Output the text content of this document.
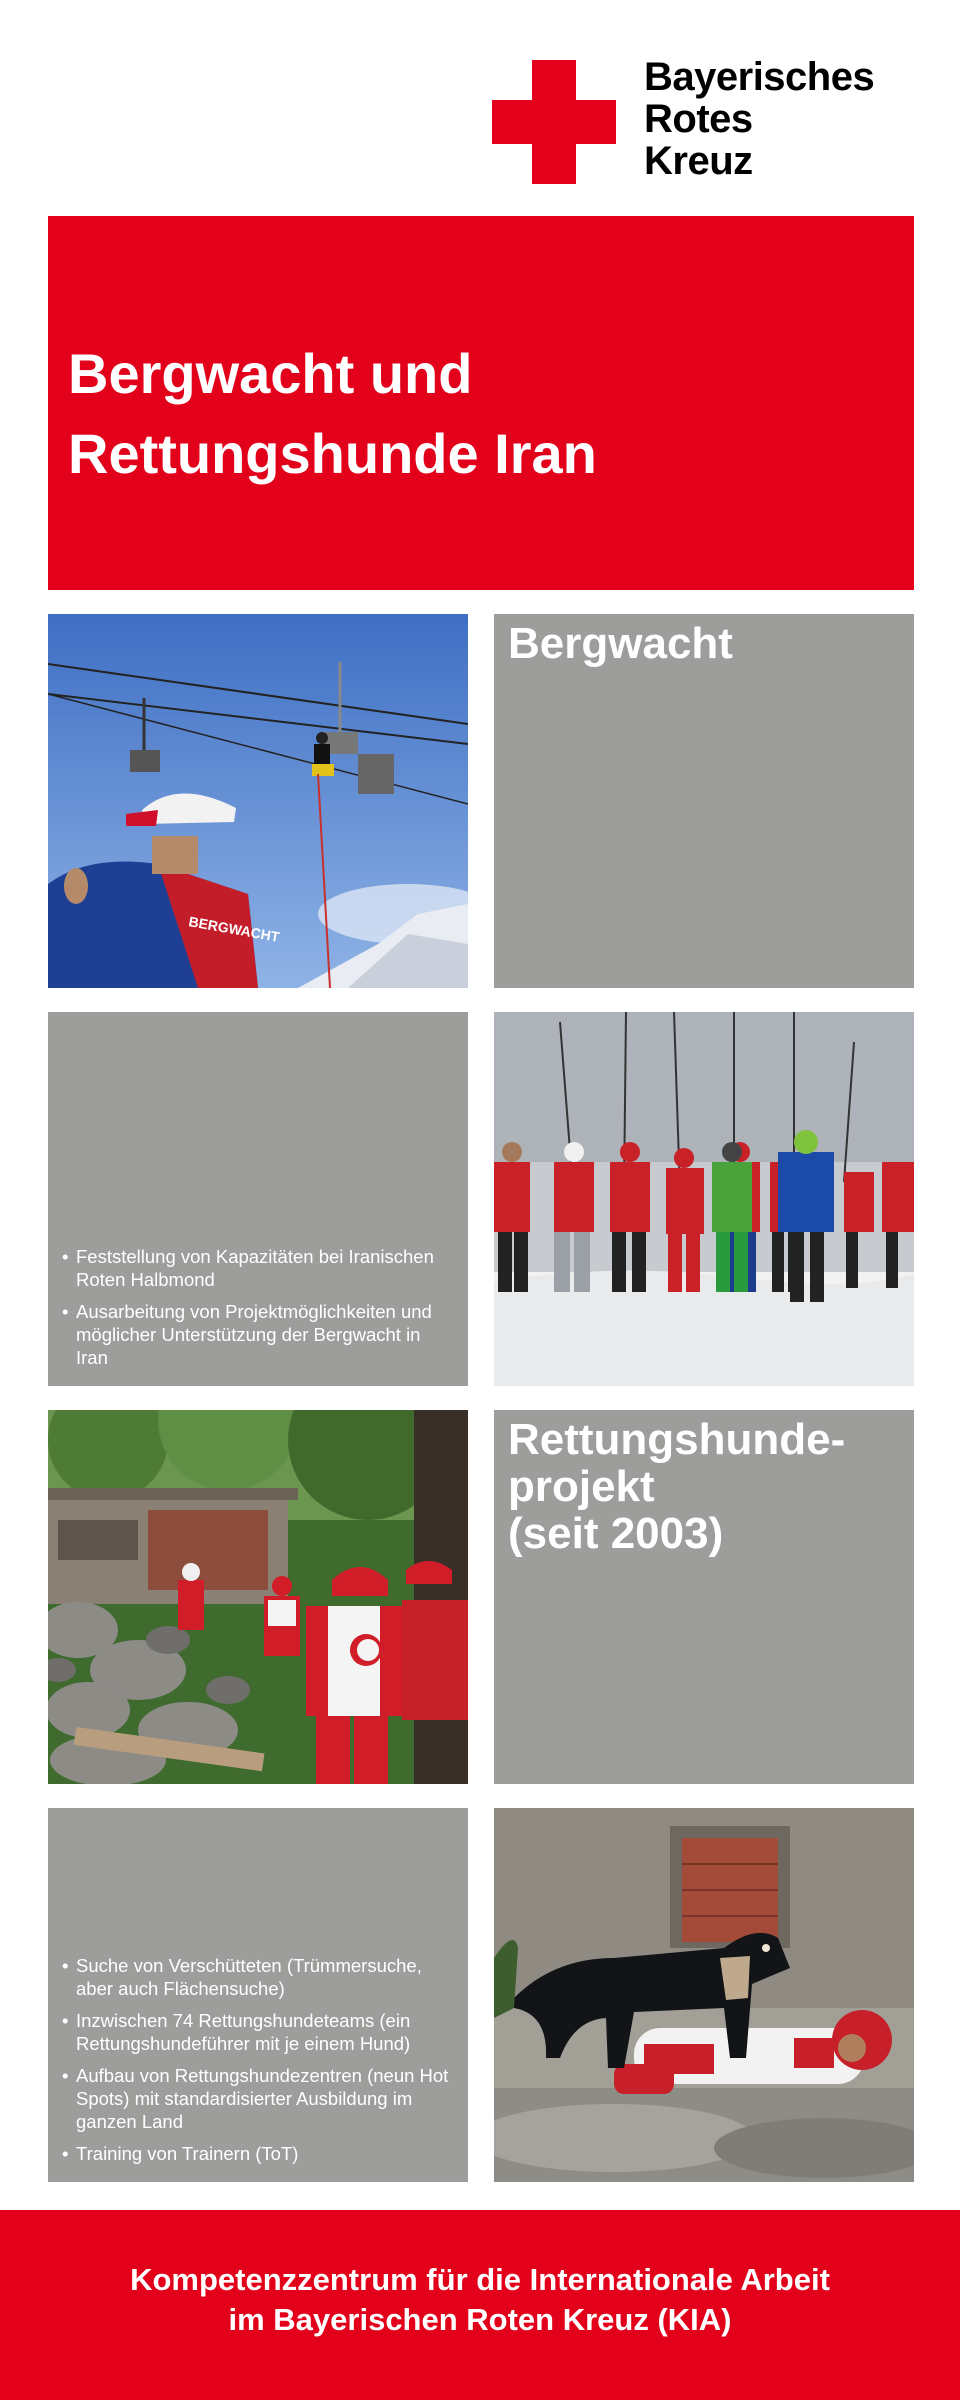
Bayerisches
Rotes
Kreuz
Bergwacht und
Rettungshunde Iran
BERGWACHT
Bergwacht
• Feststellung von Kapazitäten bei Iranischen Roten Halbmond
• Ausarbeitung von Projektmöglichkeiten und möglicher Unterstützung der Bergwacht in Iran
Rettungshunde-
projekt
(seit 2003)
• Suche von Verschütteten (Trümmersuche, aber auch Flächensuche)
• Inzwischen 74 Rettungshundeteams (ein Rettungshundeführer mit je einem Hund)
• Aufbau von Rettungshundezentren (neun Hot Spots) mit standardisierter Ausbildung im ganzen Land
• Training von Trainern (ToT)

Kompetenzzentrum für die Internationale Arbeit
im Bayerischen Roten Kreuz (KIA)
